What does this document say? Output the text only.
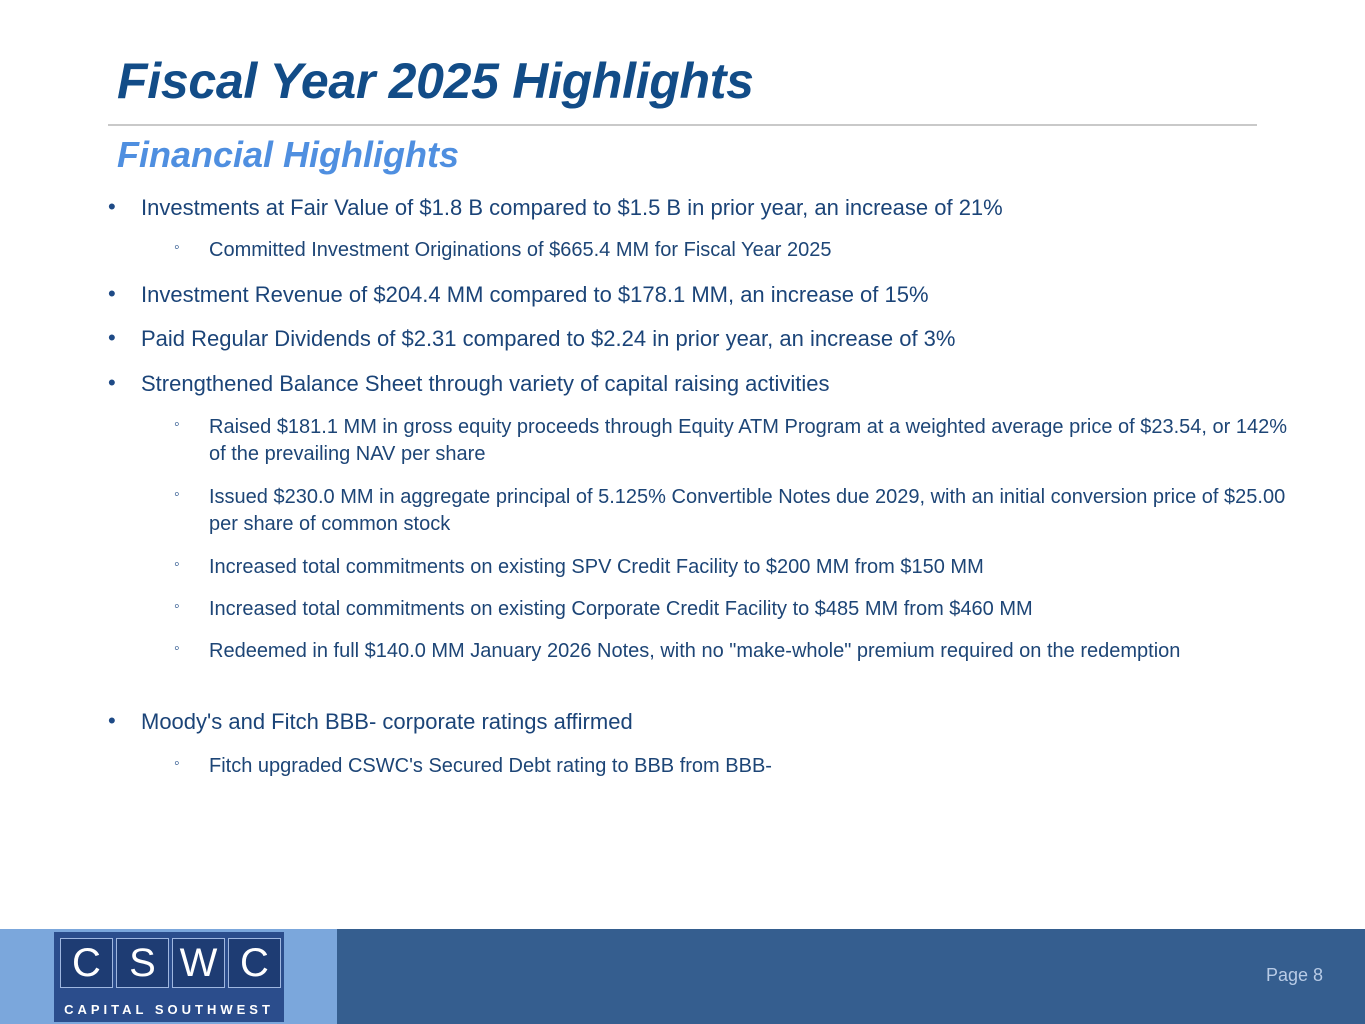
Fiscal Year 2025 Highlights
Financial Highlights
• Investments at Fair Value of $1.8 B compared to $1.5 B in prior year, an increase of 21%
◦ Committed Investment Originations of $665.4 MM for Fiscal Year 2025
• Investment Revenue of $204.4 MM compared to $178.1 MM, an increase of 15%
• Paid Regular Dividends of $2.31 compared to $2.24 in prior year, an increase of 3%
• Strengthened Balance Sheet through variety of capital raising activities
◦ Raised $181.1 MM in gross equity proceeds through Equity ATM Program at a weighted average price of $23.54, or 142% of the prevailing NAV per share
◦ Issued $230.0 MM in aggregate principal of 5.125% Convertible Notes due 2029, with an initial conversion price of $25.00 per share of common stock
◦ Increased total commitments on existing SPV Credit Facility to $200 MM from $150 MM
◦ Increased total commitments on existing Corporate Credit Facility to $485 MM from $460 MM
◦ Redeemed in full $140.0 MM January 2026 Notes, with no "make-whole" premium required on the redemption
• Moody's and Fitch BBB- corporate ratings affirmed
◦ Fitch upgraded CSWC's Secured Debt rating to BBB from BBB-
C S W C
CAPITAL SOUTHWEST
Page 8
